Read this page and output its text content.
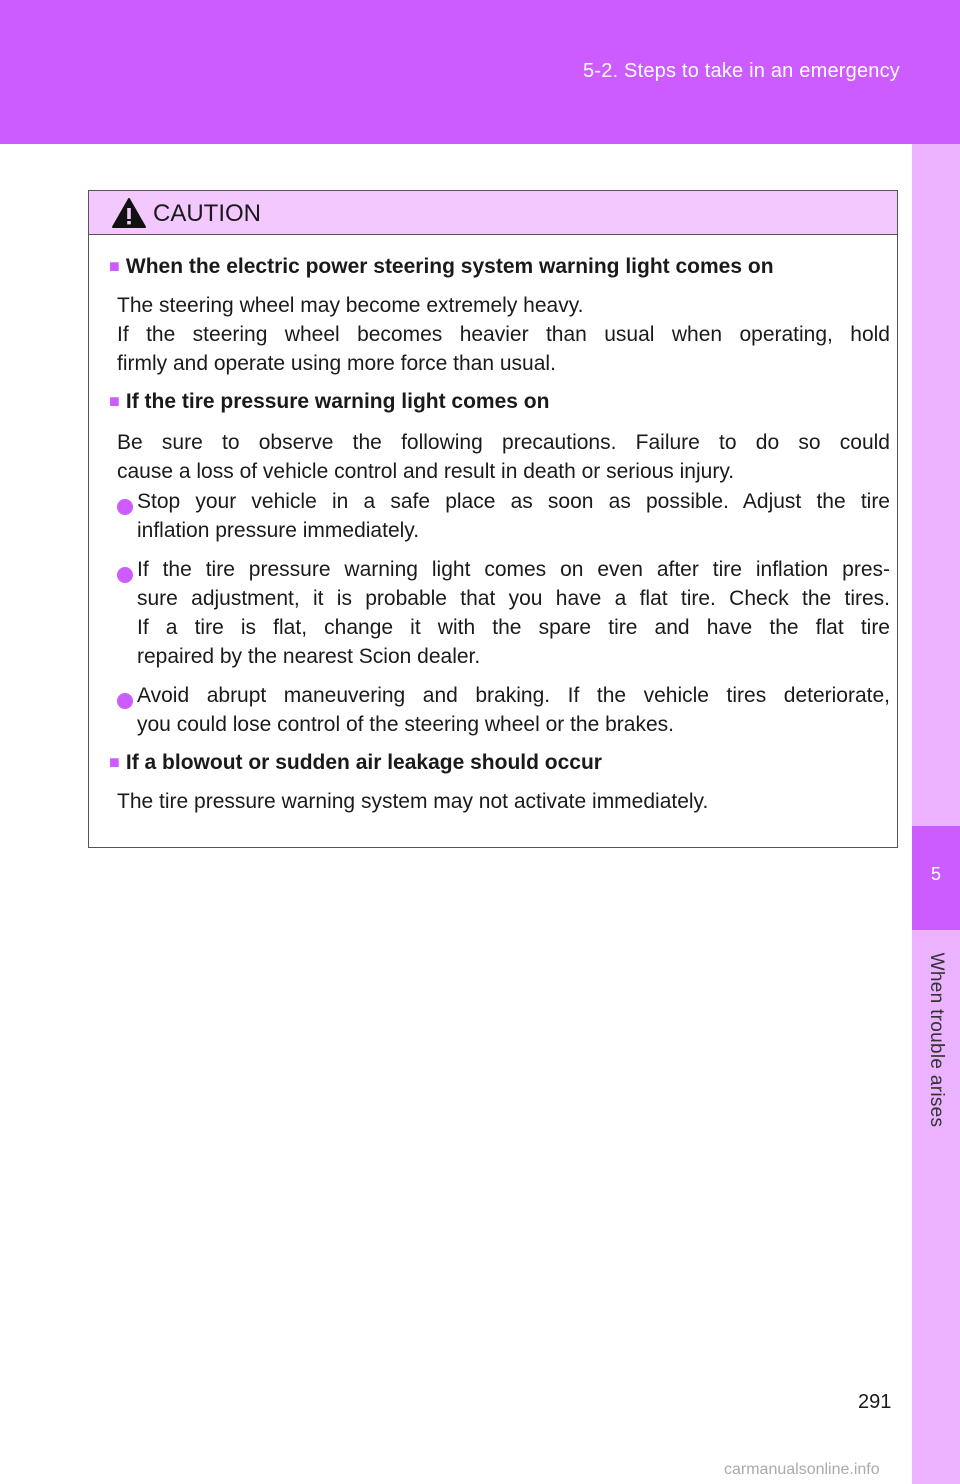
5-2. Steps to take in an emergency
5
When trouble arises
CAUTION
■ When the electric power steering system warning light comes on
The steering wheel may become extremely heavy.
If the steering wheel becomes heavier than usual when operating, hold
firmly and operate using more force than usual.
■ If the tire pressure warning light comes on
Be sure to observe the following precautions. Failure to do so could
cause a loss of vehicle control and result in death or serious injury.
Stop your vehicle in a safe place as soon as possible. Adjust the tire
inflation pressure immediately.
If the tire pressure warning light comes on even after tire inflation pres-
sure adjustment, it is probable that you have a flat tire. Check the tires.
If a tire is flat, change it with the spare tire and have the flat tire
repaired by the nearest Scion dealer.
Avoid abrupt maneuvering and braking. If the vehicle tires deteriorate,
you could lose control of the steering wheel or the brakes.
■ If a blowout or sudden air leakage should occur
The tire pressure warning system may not activate immediately.
291
carmanualsonline.info
